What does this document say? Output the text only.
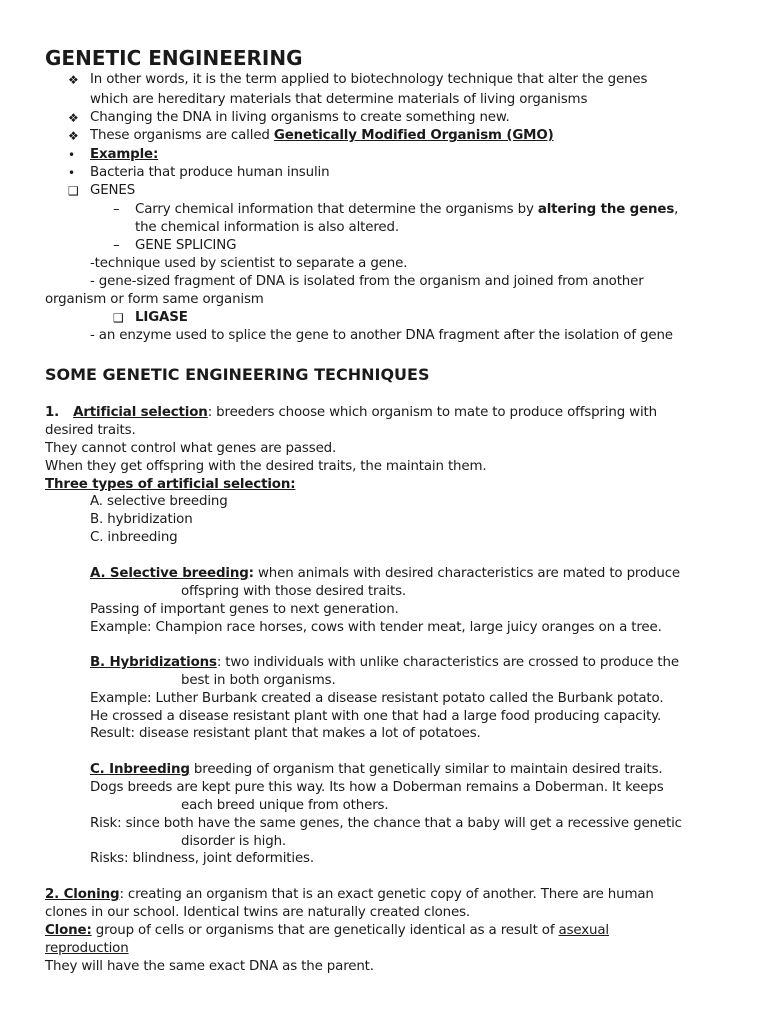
GENETIC ENGINEERING
❖ In other words, it is the term applied to biotechnology technique that alter the genes
which are hereditary materials that determine materials of living organisms
❖ Changing the DNA in living organisms to create something new.
❖ These organisms are called Genetically Modified Organism (GMO)
• Example:
• Bacteria that produce human insulin
❑ GENES
– Carry chemical information that determine the organisms by altering the genes,
the chemical information is also altered.
– GENE SPLICING
-technique used by scientist to separate a gene.
- gene-sized fragment of DNA is isolated from the organism and joined from another
organism or form same organism
❑ LIGASE
- an enzyme used to splice the gene to another DNA fragment after the isolation of gene
SOME GENETIC ENGINEERING TECHNIQUES
1. Artificial selection: breeders choose which organism to mate to produce offspring with
desired traits.
They cannot control what genes are passed.
When they get offspring with the desired traits, the maintain them.
Three types of artificial selection:
A. selective breeding
B. hybridization
C. inbreeding
A. Selective breeding: when animals with desired characteristics are mated to produce
offspring with those desired traits.
Passing of important genes to next generation.
Example: Champion race horses, cows with tender meat, large juicy oranges on a tree.
B. Hybridizations: two individuals with unlike characteristics are crossed to produce the
best in both organisms.
Example: Luther Burbank created a disease resistant potato called the Burbank potato.
He crossed a disease resistant plant with one that had a large food producing capacity.
Result: disease resistant plant that makes a lot of potatoes.
C. Inbreeding breeding of organism that genetically similar to maintain desired traits.
Dogs breeds are kept pure this way. Its how a Doberman remains a Doberman. It keeps
each breed unique from others.
Risk: since both have the same genes, the chance that a baby will get a recessive genetic
disorder is high.
Risks: blindness, joint deformities.
2. Cloning: creating an organism that is an exact genetic copy of another. There are human
clones in our school. Identical twins are naturally created clones.
Clone: group of cells or organisms that are genetically identical as a result of asexual
reproduction
They will have the same exact DNA as the parent.
